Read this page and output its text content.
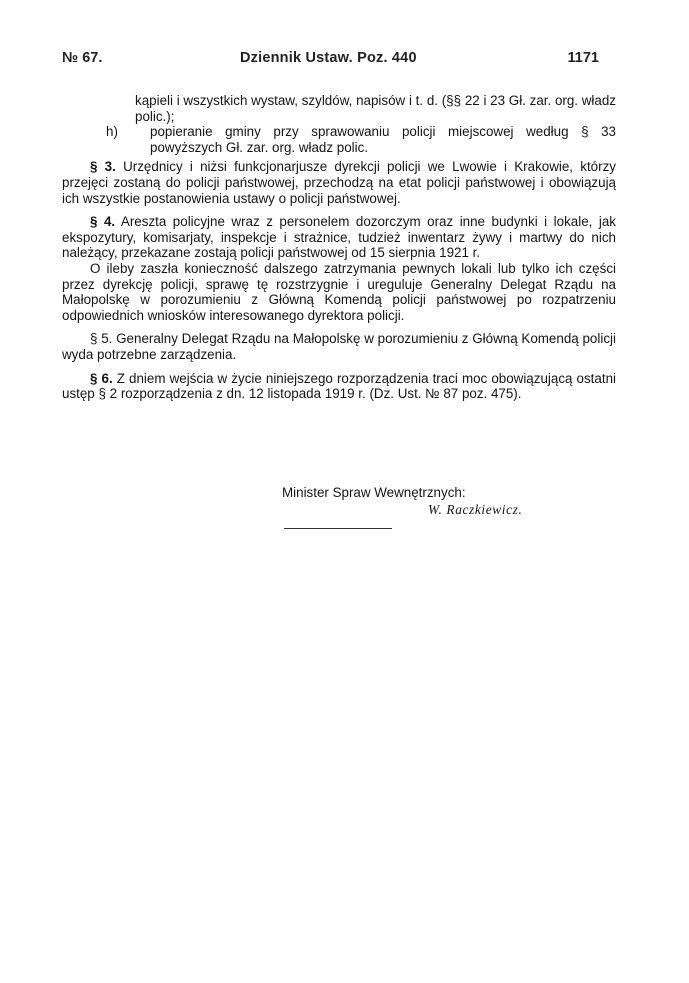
№ 67.	Dziennik Ustaw. Poz. 440	1171

kąpieli i wszystkich wystaw, szyldów, napisów i t. d. (§§ 22 i 23 Gł. zar. org. władz polic.);

h)	popieranie gminy przy sprawowaniu policji miejscowej według § 33 powyższych Gł. zar. org. władz polic.

§ 3. Urzędnicy i niżsi funkcjonarjusze dyrekcji policji we Lwowie i Krakowie, którzy przejęci zostaną do policji państwowej, przechodzą na etat policji państwowej i obowiązują ich wszystkie postanowienia ustawy o policji państwowej.

§ 4. Areszta policyjne wraz z personelem dozorczym oraz inne budynki i lokale, jak ekspozytury, komisarjaty, inspekcje i strażnice, tudzież inwentarz żywy i martwy do nich należący, przekazane zostają policji państwowej od 15 sierpnia 1921 r.

O ileby zaszła konieczność dalszego zatrzymania pewnych lokali lub tylko ich części przez dyrekcję policji, sprawę tę rozstrzygnie i ureguluje Generalny Delegat Rządu na Małopolskę w porozumieniu z Główną Komendą policji państwowej po rozpatrzeniu odpowiednich wniosków interesowanego dyrektora policji.

§ 5. Generalny Delegat Rządu na Małopolskę w porozumieniu z Główną Komendą policji wyda potrzebne zarządzenia.

§ 6. Z dniem wejścia w życie niniejszego rozporządzenia traci moc obowiązującą ostatni ustęp § 2 rozporządzenia z dn. 12 listopada 1919 r. (Dz. Ust. № 87 poz. 475).

Minister Spraw Wewnętrznych:
W. Raczkiewicz.
